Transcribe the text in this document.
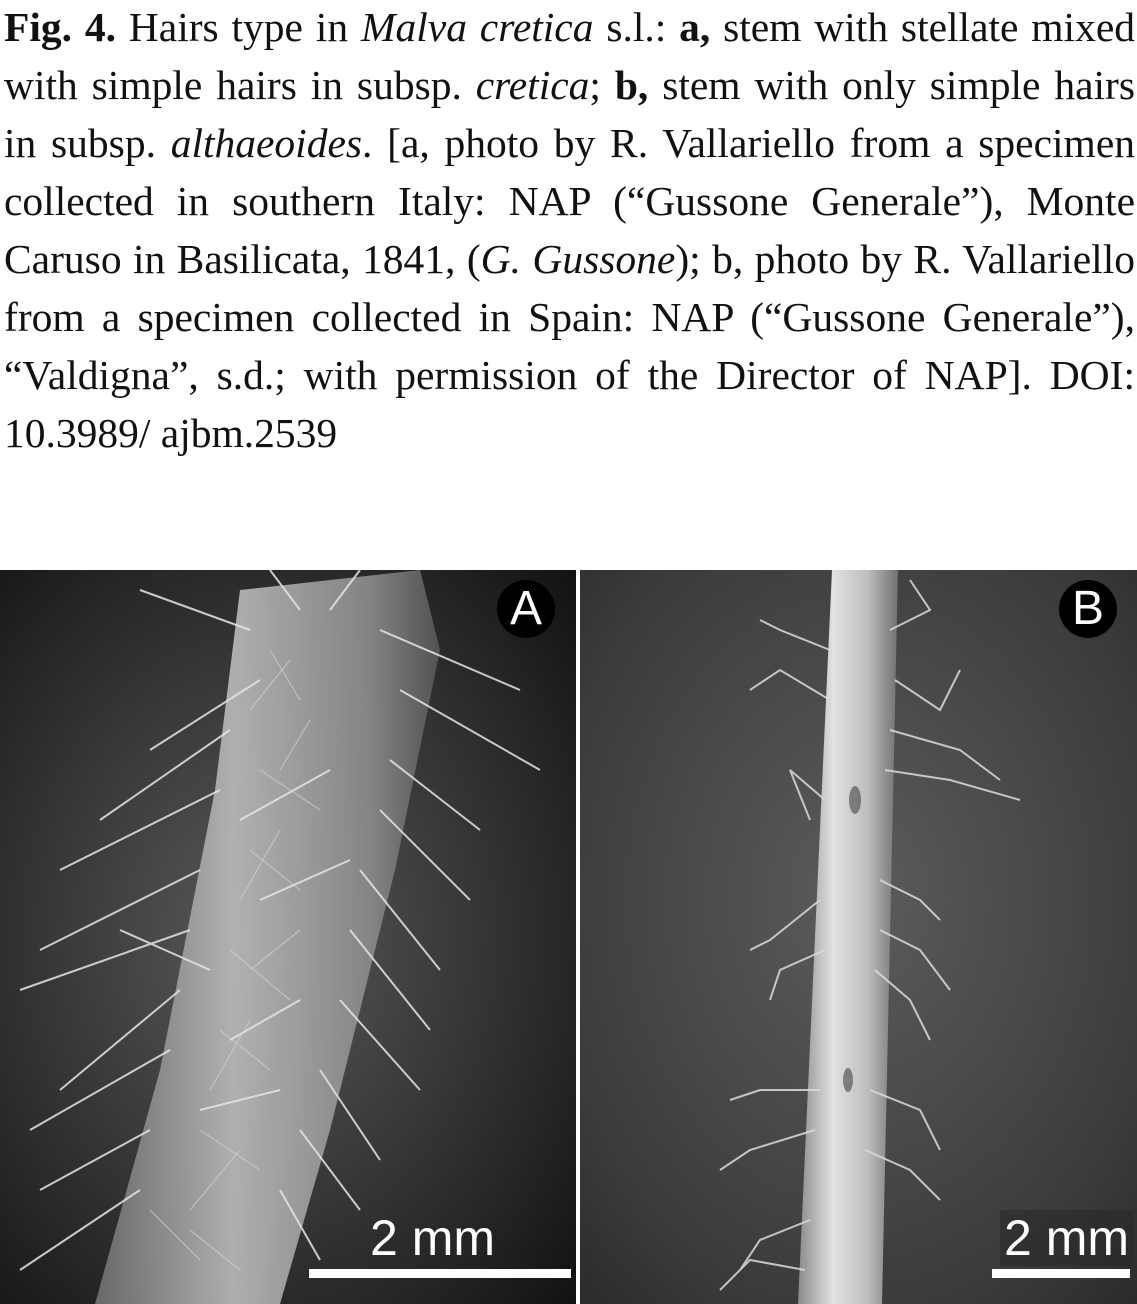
Fig. 4. Hairs type in Malva cretica s.l.: a, stem with stellate mixed with simple hairs in subsp. cretica; b, stem with only simple hairs in subsp. althaeoides. [a, photo by R. Vallariello from a specimen collected in southern Italy: NAP (“Gussone Generale”), Monte Caruso in Basilicata, 1841, (G. Gussone); b, photo by R. Vallariello from a specimen collected in Spain: NAP (“Gussone Generale”), “Valdigna”, s.d.; with permission of the Director of NAP]. DOI: 10.3989/ ajbm.2539

A
2 mm
B
2 mm
